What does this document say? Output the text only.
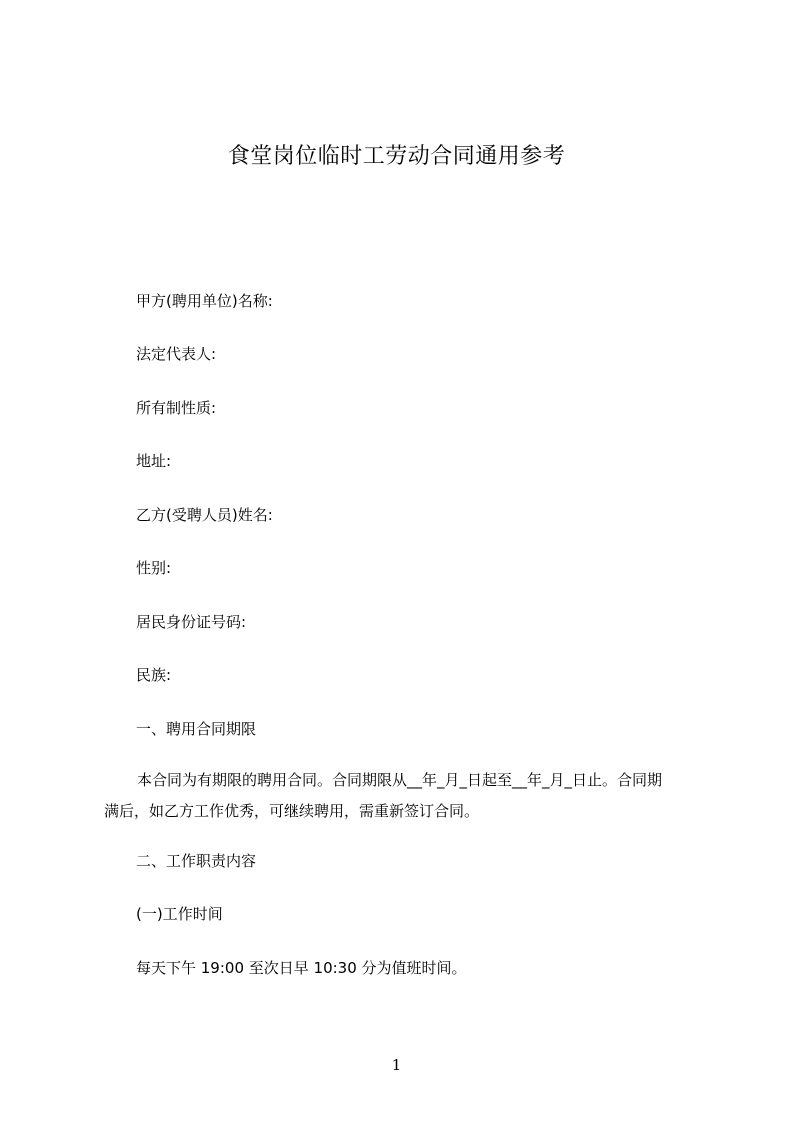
食堂岗位临时工劳动合同通用参考
甲方(聘用单位)名称:
法定代表人:
所有制性质:
地址:
乙方(受聘人员)姓名:
性别:
居民身份证号码:
民族:
一、聘用合同期限
本合同为有期限的聘用合同。合同期限从__年_月_日起至__年_月_日止。合同期
满后，如乙方工作优秀，可继续聘用，需重新签订合同。
二、工作职责内容
(一)工作时间
每天下午 19:00 至次日早 10:30 分为值班时间。
1
